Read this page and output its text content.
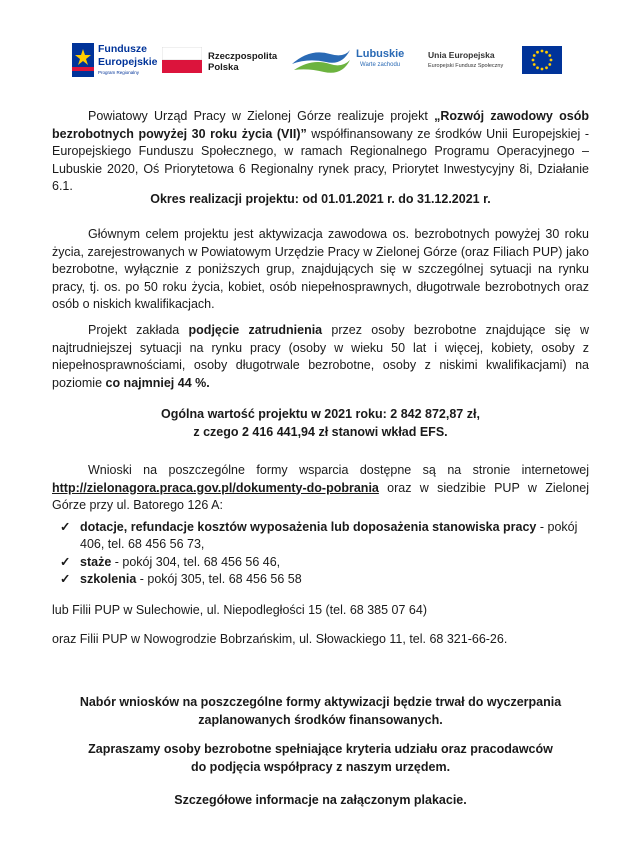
Fundusze
Europejskie
Program Regionalny
Rzeczpospolita
Polska
Lubuskie
Warte zachodu
Unia Europejska
Europejski Fundusz Społeczny

Powiatowy Urząd Pracy w Zielonej Górze realizuje projekt „Rozwój zawodowy osób bezrobotnych powyżej 30 roku życia (VII)” współfinansowany ze środków Unii Europejskiej - Europejskiego Funduszu Społecznego, w ramach Regionalnego Programu Operacyjnego – Lubuskie 2020, Oś Priorytetowa 6 Regionalny rynek pracy, Priorytet Inwestycyjny 8i, Działanie 6.1.

Okres realizacji projektu: od 01.01.2021 r. do 31.12.2021 r.

Głównym celem projektu jest aktywizacja zawodowa os. bezrobotnych powyżej 30 roku życia, zarejestrowanych w Powiatowym Urzędzie Pracy w Zielonej Górze (oraz Filiach PUP) jako bezrobotne, wyłącznie z poniższych grup, znajdujących się w szczególnej sytuacji na rynku pracy, tj. os. po 50 roku życia, kobiet, osób niepełnosprawnych, długotrwale bezrobotnych oraz osób o niskich kwalifikacjach.

Projekt zakłada podjęcie zatrudnienia przez osoby bezrobotne znajdujące się w najtrudniejszej sytuacji na rynku pracy (osoby w wieku 50 lat i więcej, kobiety, osoby z niepełnosprawnościami, osoby długotrwale bezrobotne, osoby z niskimi kwalifikacjami) na poziomie co najmniej 44 %.

Ogólna wartość projektu w 2021 roku: 2 842 872,87 zł,

z czego 2 416 441,94 zł stanowi wkład EFS.

Wnioski na poszczególne formy wsparcia dostępne są na stronie internetowej http://zielonagora.praca.gov.pl/dokumenty-do-pobrania oraz w siedzibie PUP w Zielonej Górze przy ul. Batorego 126 A:

✓ dotacje, refundacje kosztów wyposażenia lub doposażenia stanowiska pracy - pokój 406, tel. 68 456 56 73,
✓ staże - pokój 304, tel. 68 456 56 46,
✓ szkolenia - pokój 305, tel. 68 456 56 58

lub Filii PUP w Sulechowie, ul. Niepodległości 15 (tel. 68 385 07 64)

oraz Filii PUP w Nowogrodzie Bobrzańskim, ul. Słowackiego 11, tel. 68 321-66-26.

Nabór wniosków na poszczególne formy aktywizacji będzie trwał do wyczerpania

zaplanowanych środków finansowanych.

Zapraszamy osoby bezrobotne spełniające kryteria udziału oraz pracodawców

do podjęcia współpracy z naszym urzędem.

Szczegółowe informacje na załączonym plakacie.
